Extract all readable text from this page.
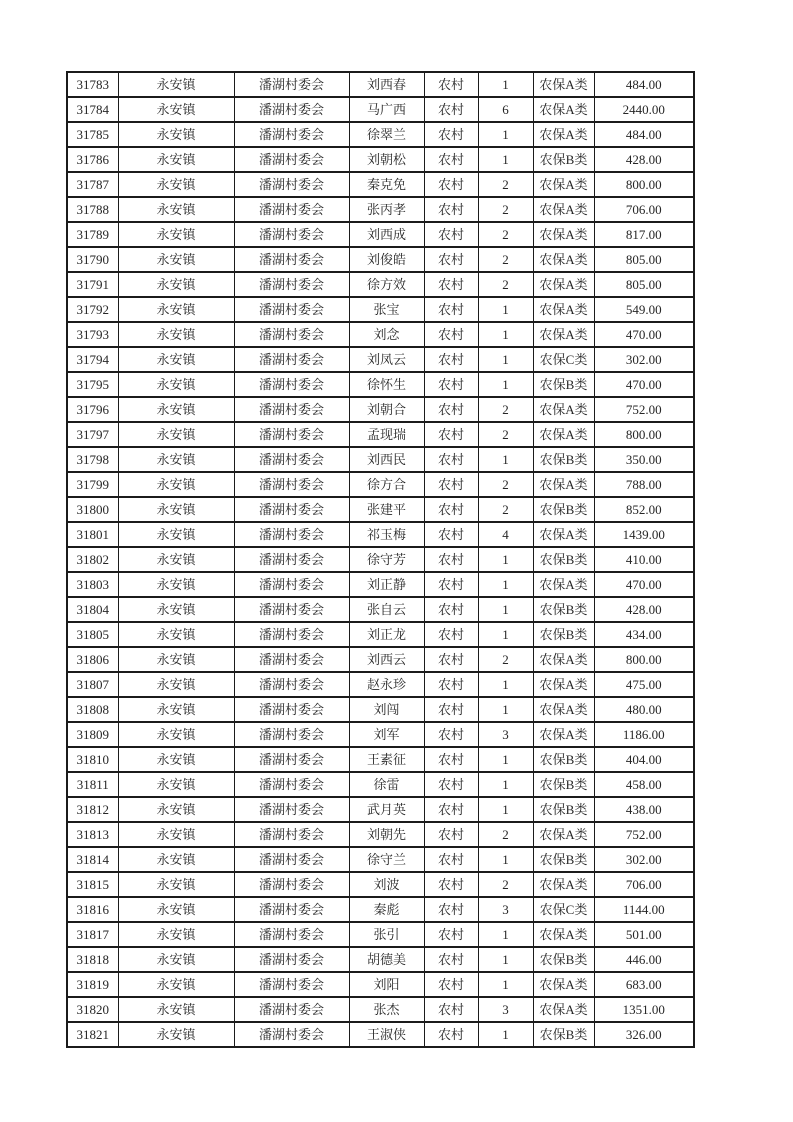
31783	永安镇	潘湖村委会	刘西春	农村	1	农保A类	484.00
31784	永安镇	潘湖村委会	马广西	农村	6	农保A类	2440.00
31785	永安镇	潘湖村委会	徐翠兰	农村	1	农保A类	484.00
31786	永安镇	潘湖村委会	刘朝松	农村	1	农保B类	428.00
31787	永安镇	潘湖村委会	秦克免	农村	2	农保A类	800.00
31788	永安镇	潘湖村委会	张丙孝	农村	2	农保A类	706.00
31789	永安镇	潘湖村委会	刘西成	农村	2	农保A类	817.00
31790	永安镇	潘湖村委会	刘俊皓	农村	2	农保A类	805.00
31791	永安镇	潘湖村委会	徐方效	农村	2	农保A类	805.00
31792	永安镇	潘湖村委会	张宝	农村	1	农保A类	549.00
31793	永安镇	潘湖村委会	刘念	农村	1	农保A类	470.00
31794	永安镇	潘湖村委会	刘凤云	农村	1	农保C类	302.00
31795	永安镇	潘湖村委会	徐怀生	农村	1	农保B类	470.00
31796	永安镇	潘湖村委会	刘朝合	农村	2	农保A类	752.00
31797	永安镇	潘湖村委会	孟现瑞	农村	2	农保A类	800.00
31798	永安镇	潘湖村委会	刘西民	农村	1	农保B类	350.00
31799	永安镇	潘湖村委会	徐方合	农村	2	农保A类	788.00
31800	永安镇	潘湖村委会	张建平	农村	2	农保B类	852.00
31801	永安镇	潘湖村委会	祁玉梅	农村	4	农保A类	1439.00
31802	永安镇	潘湖村委会	徐守芳	农村	1	农保B类	410.00
31803	永安镇	潘湖村委会	刘正静	农村	1	农保A类	470.00
31804	永安镇	潘湖村委会	张自云	农村	1	农保B类	428.00
31805	永安镇	潘湖村委会	刘正龙	农村	1	农保B类	434.00
31806	永安镇	潘湖村委会	刘西云	农村	2	农保A类	800.00
31807	永安镇	潘湖村委会	赵永珍	农村	1	农保A类	475.00
31808	永安镇	潘湖村委会	刘闯	农村	1	农保A类	480.00
31809	永安镇	潘湖村委会	刘军	农村	3	农保A类	1186.00
31810	永安镇	潘湖村委会	王素征	农村	1	农保B类	404.00
31811	永安镇	潘湖村委会	徐雷	农村	1	农保B类	458.00
31812	永安镇	潘湖村委会	武月英	农村	1	农保B类	438.00
31813	永安镇	潘湖村委会	刘朝先	农村	2	农保A类	752.00
31814	永安镇	潘湖村委会	徐守兰	农村	1	农保B类	302.00
31815	永安镇	潘湖村委会	刘波	农村	2	农保A类	706.00
31816	永安镇	潘湖村委会	秦彪	农村	3	农保C类	1144.00
31817	永安镇	潘湖村委会	张引	农村	1	农保A类	501.00
31818	永安镇	潘湖村委会	胡德美	农村	1	农保B类	446.00
31819	永安镇	潘湖村委会	刘阳	农村	1	农保A类	683.00
31820	永安镇	潘湖村委会	张杰	农村	3	农保A类	1351.00
31821	永安镇	潘湖村委会	王淑侠	农村	1	农保B类	326.00
